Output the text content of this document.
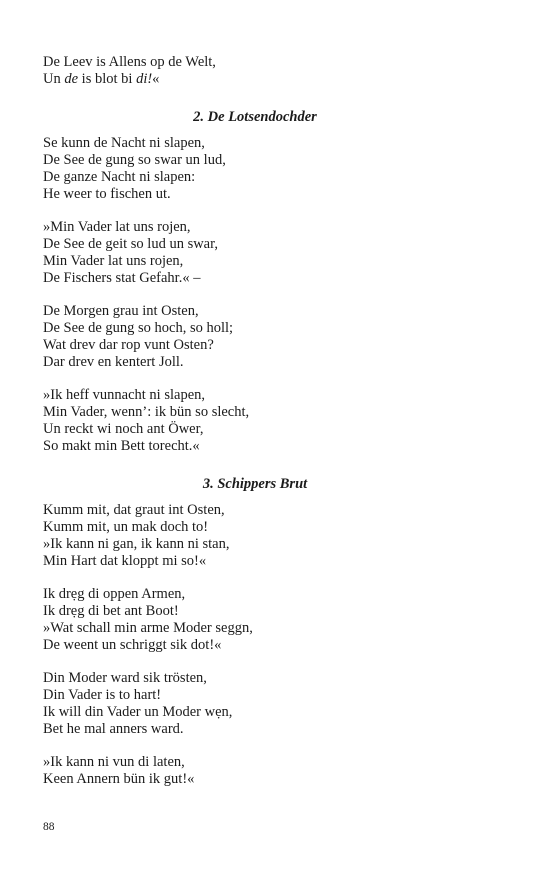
De Leev is Allens op de Welt,
Un de is blot bi di!«
2. De Lotsendochder
Se kunn de Nacht ni slapen,
De See de gung so swar un lud,
De ganze Nacht ni slapen:
He weer to fischen ut.
»Min Vader lat uns rojen,
De See de geit so lud un swar,
Min Vader lat uns rojen,
De Fischers stat Gefahr.« –
De Morgen grau int Osten,
De See de gung so hoch, so holl;
Wat drev dar rop vunt Osten?
Dar drev en kentert Joll.
»Ik heff vunnacht ni slapen,
Min Vader, wenn’: ik bün so slecht,
Un reckt wi noch ant Öwer,
So makt min Bett torecht.«
3. Schippers Brut
Kumm mit, dat graut int Osten,
Kumm mit, un mak doch to!
»Ik kann ni gan, ik kann ni stan,
Min Hart dat kloppt mi so!«
Ik drẹg di oppen Armen,
Ik drẹg di bet ant Boot!
»Wat schall min arme Moder seggn,
De weent un schriggt sik dot!«
Din Moder ward sik trösten,
Din Vader is to hart!
Ik will din Vader un Moder wẹn,
Bet he mal anners ward.
»Ik kann ni vun di laten,
Keen Annern bün ik gut!«
88
